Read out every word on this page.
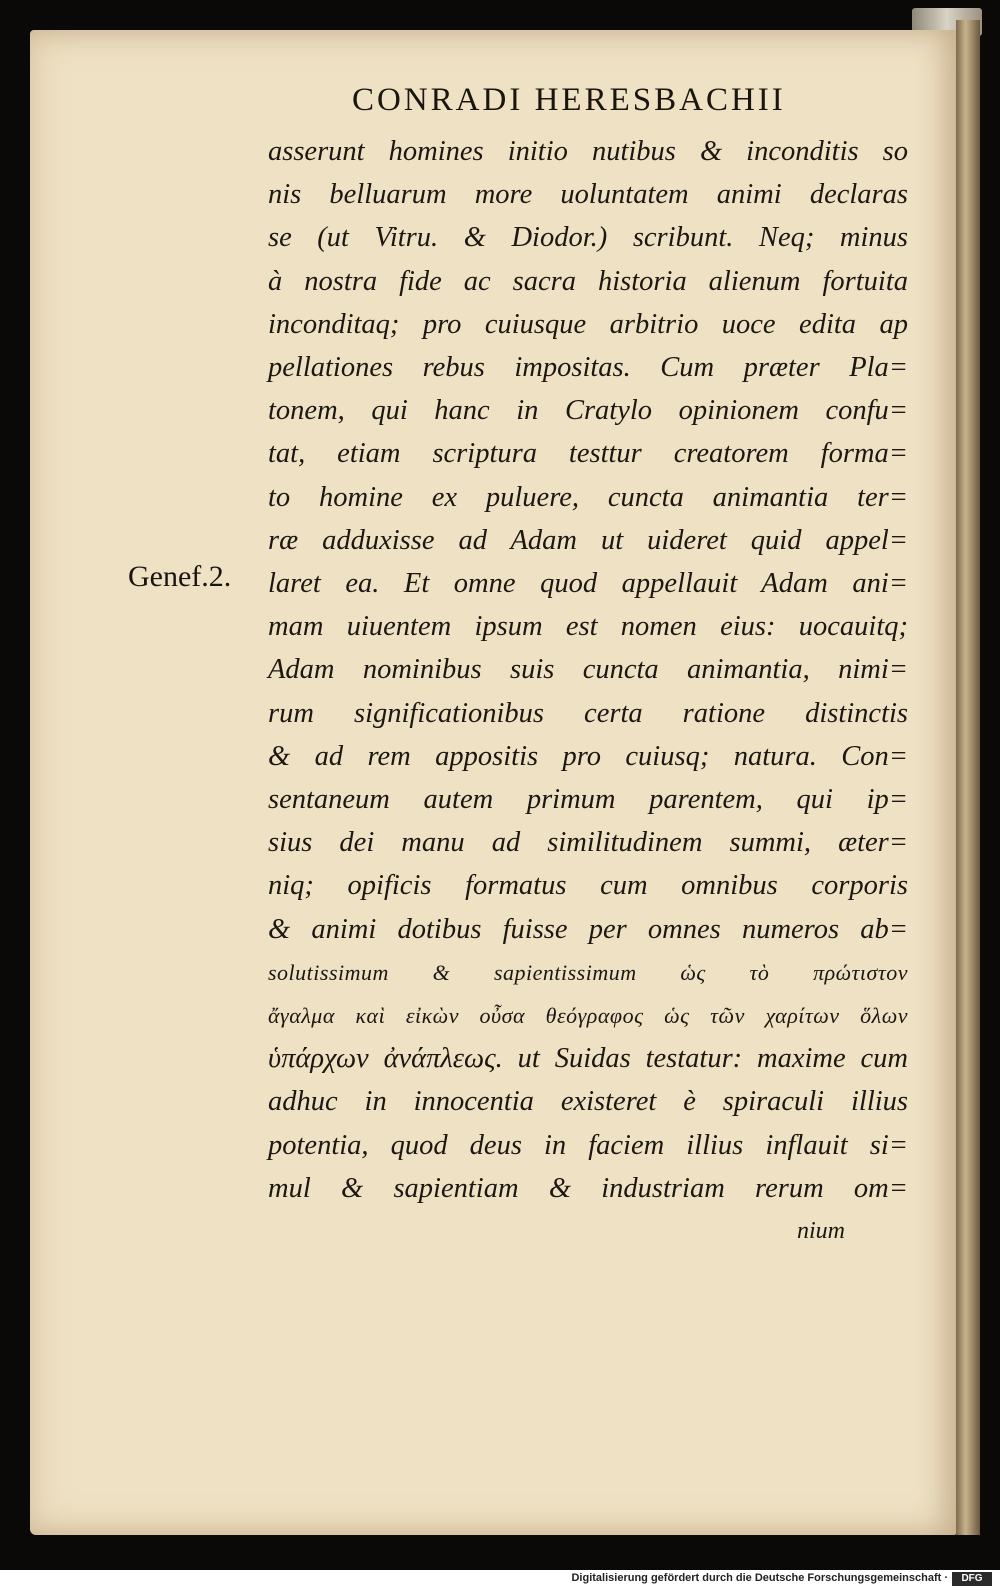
CONRADI HERESBACHII
Genef.2.
asserunt homines initio nutibus & inconditis so
nis belluarum more uoluntatem animi declaras
se (ut Vitru. & Diodor.) scribunt. Neq; minus
à nostra fide ac sacra historia alienum fortuita
inconditaq; pro cuiusque arbitrio uoce edita ap
pellationes rebus impositas. Cum præter Pla=
tonem, qui hanc in Cratylo opinionem confu=
tat, etiam scriptura testtur creatorem forma=
to homine ex puluere, cuncta animantia ter=
ræ adduxisse ad Adam ut uideret quid appel=
laret ea. Et omne quod appellauit Adam ani=
mam uiuentem ipsum est nomen eius: uocauitq;
Adam nominibus suis cuncta animantia, nimi=
rum significationibus certa ratione distinctis
& ad rem appositis pro cuiusq; natura. Con=
sentaneum autem primum parentem, qui ip=
sius dei manu ad similitudinem summi, æter=
niq; opificis formatus cum omnibus corporis
& animi dotibus fuisse per omnes numeros ab=
solutissimum & sapientissimum ὡς τὸ πρώτιστον
ἄγαλμα καὶ εἰκὼν οὖσα θεόγραφος ὡς τῶν χαρίτων ὅλων
ὑπάρχων ἀνάπλεως. ut Suidas testatur: maxime cum
adhuc in innocentia existeret è spiraculi illius
potentia, quod deus in faciem illius inflauit si=
mul & sapientiam & industriam rerum om=
nium
Digitalisierung gefördert durch die Deutsche Forschungsgemeinschaft ·	DFG
